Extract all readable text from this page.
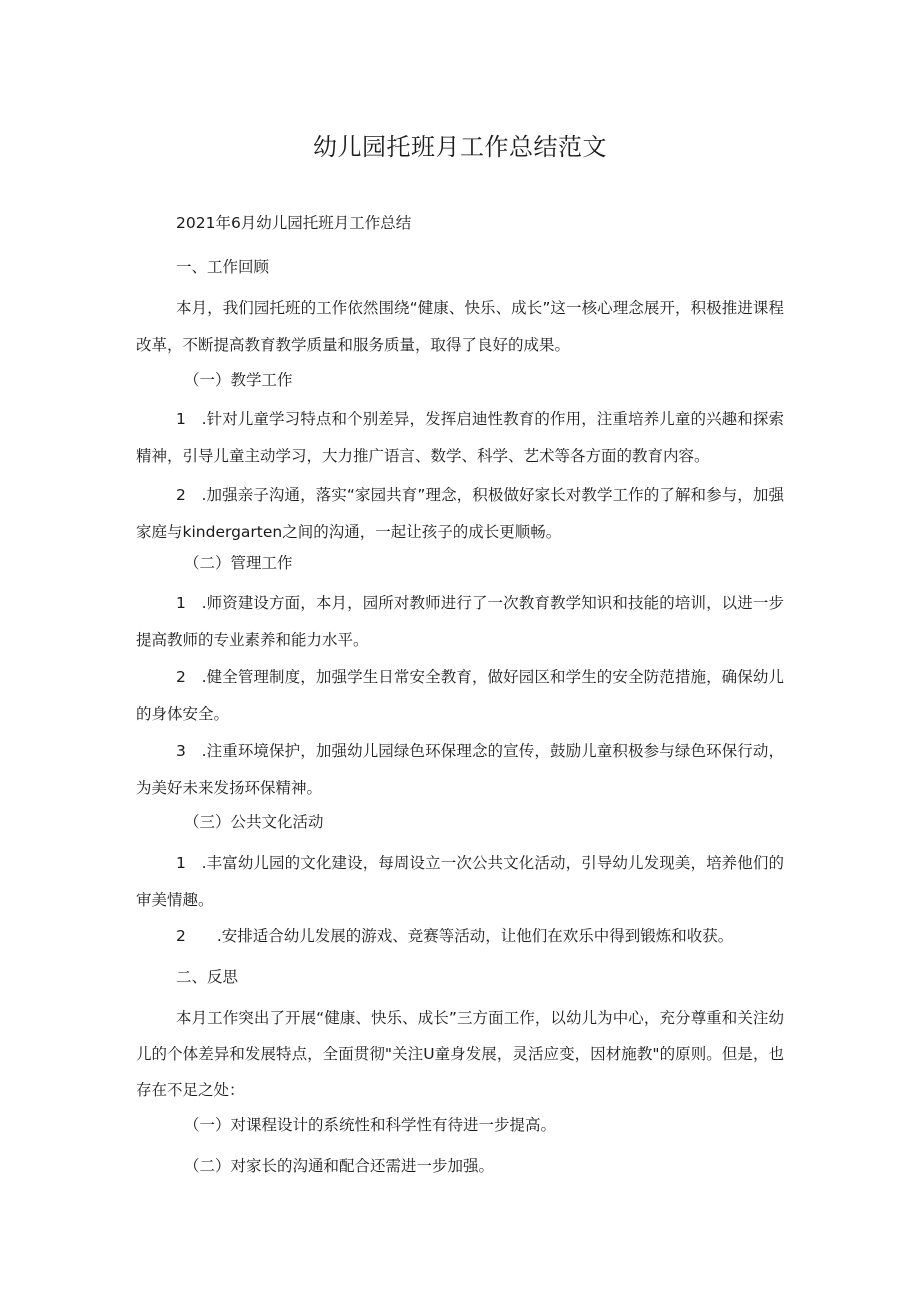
幼儿园托班月工作总结范文
2021年6月幼儿园托班月工作总结
一、工作回顾
本月，我们园托班的工作依然围绕“健康、快乐、成长”这一核心理念展开，积极推进课程改革，不断提高教育教学质量和服务质量，取得了良好的成果。
（一）教学工作
1　.针对儿童学习特点和个别差异，发挥启迪性教育的作用，注重培养儿童的兴趣和探索精神，引导儿童主动学习，大力推广语言、数学、科学、艺术等各方面的教育内容。
2　.加强亲子沟通，落实“家园共育”理念，积极做好家长对教学工作的了解和参与，加强家庭与kindergarten之间的沟通，一起让孩子的成长更顺畅。
（二）管理工作
1　.师资建设方面，本月，园所对教师进行了一次教育教学知识和技能的培训，以进一步提高教师的专业素养和能力水平。
2　.健全管理制度，加强学生日常安全教育，做好园区和学生的安全防范措施，确保幼儿的身体安全。
3　.注重环境保护，加强幼儿园绿色环保理念的宣传，鼓励儿童积极参与绿色环保行动，为美好未来发扬环保精神。
（三）公共文化活动
1　.丰富幼儿园的文化建设，每周设立一次公共文化活动，引导幼儿发现美，培养他们的审美情趣。
2　　.安排适合幼儿发展的游戏、竞赛等活动，让他们在欢乐中得到锻炼和收获。
二、反思
本月工作突出了开展“健康、快乐、成长”三方面工作，以幼儿为中心，充分尊重和关注幼儿的个体差异和发展特点，全面贯彻"关注U童身发展，灵活应变，因材施教"的原则。但是，也存在不足之处：
（一）对课程设计的系统性和科学性有待进一步提高。
（二）对家长的沟通和配合还需进一步加强。
